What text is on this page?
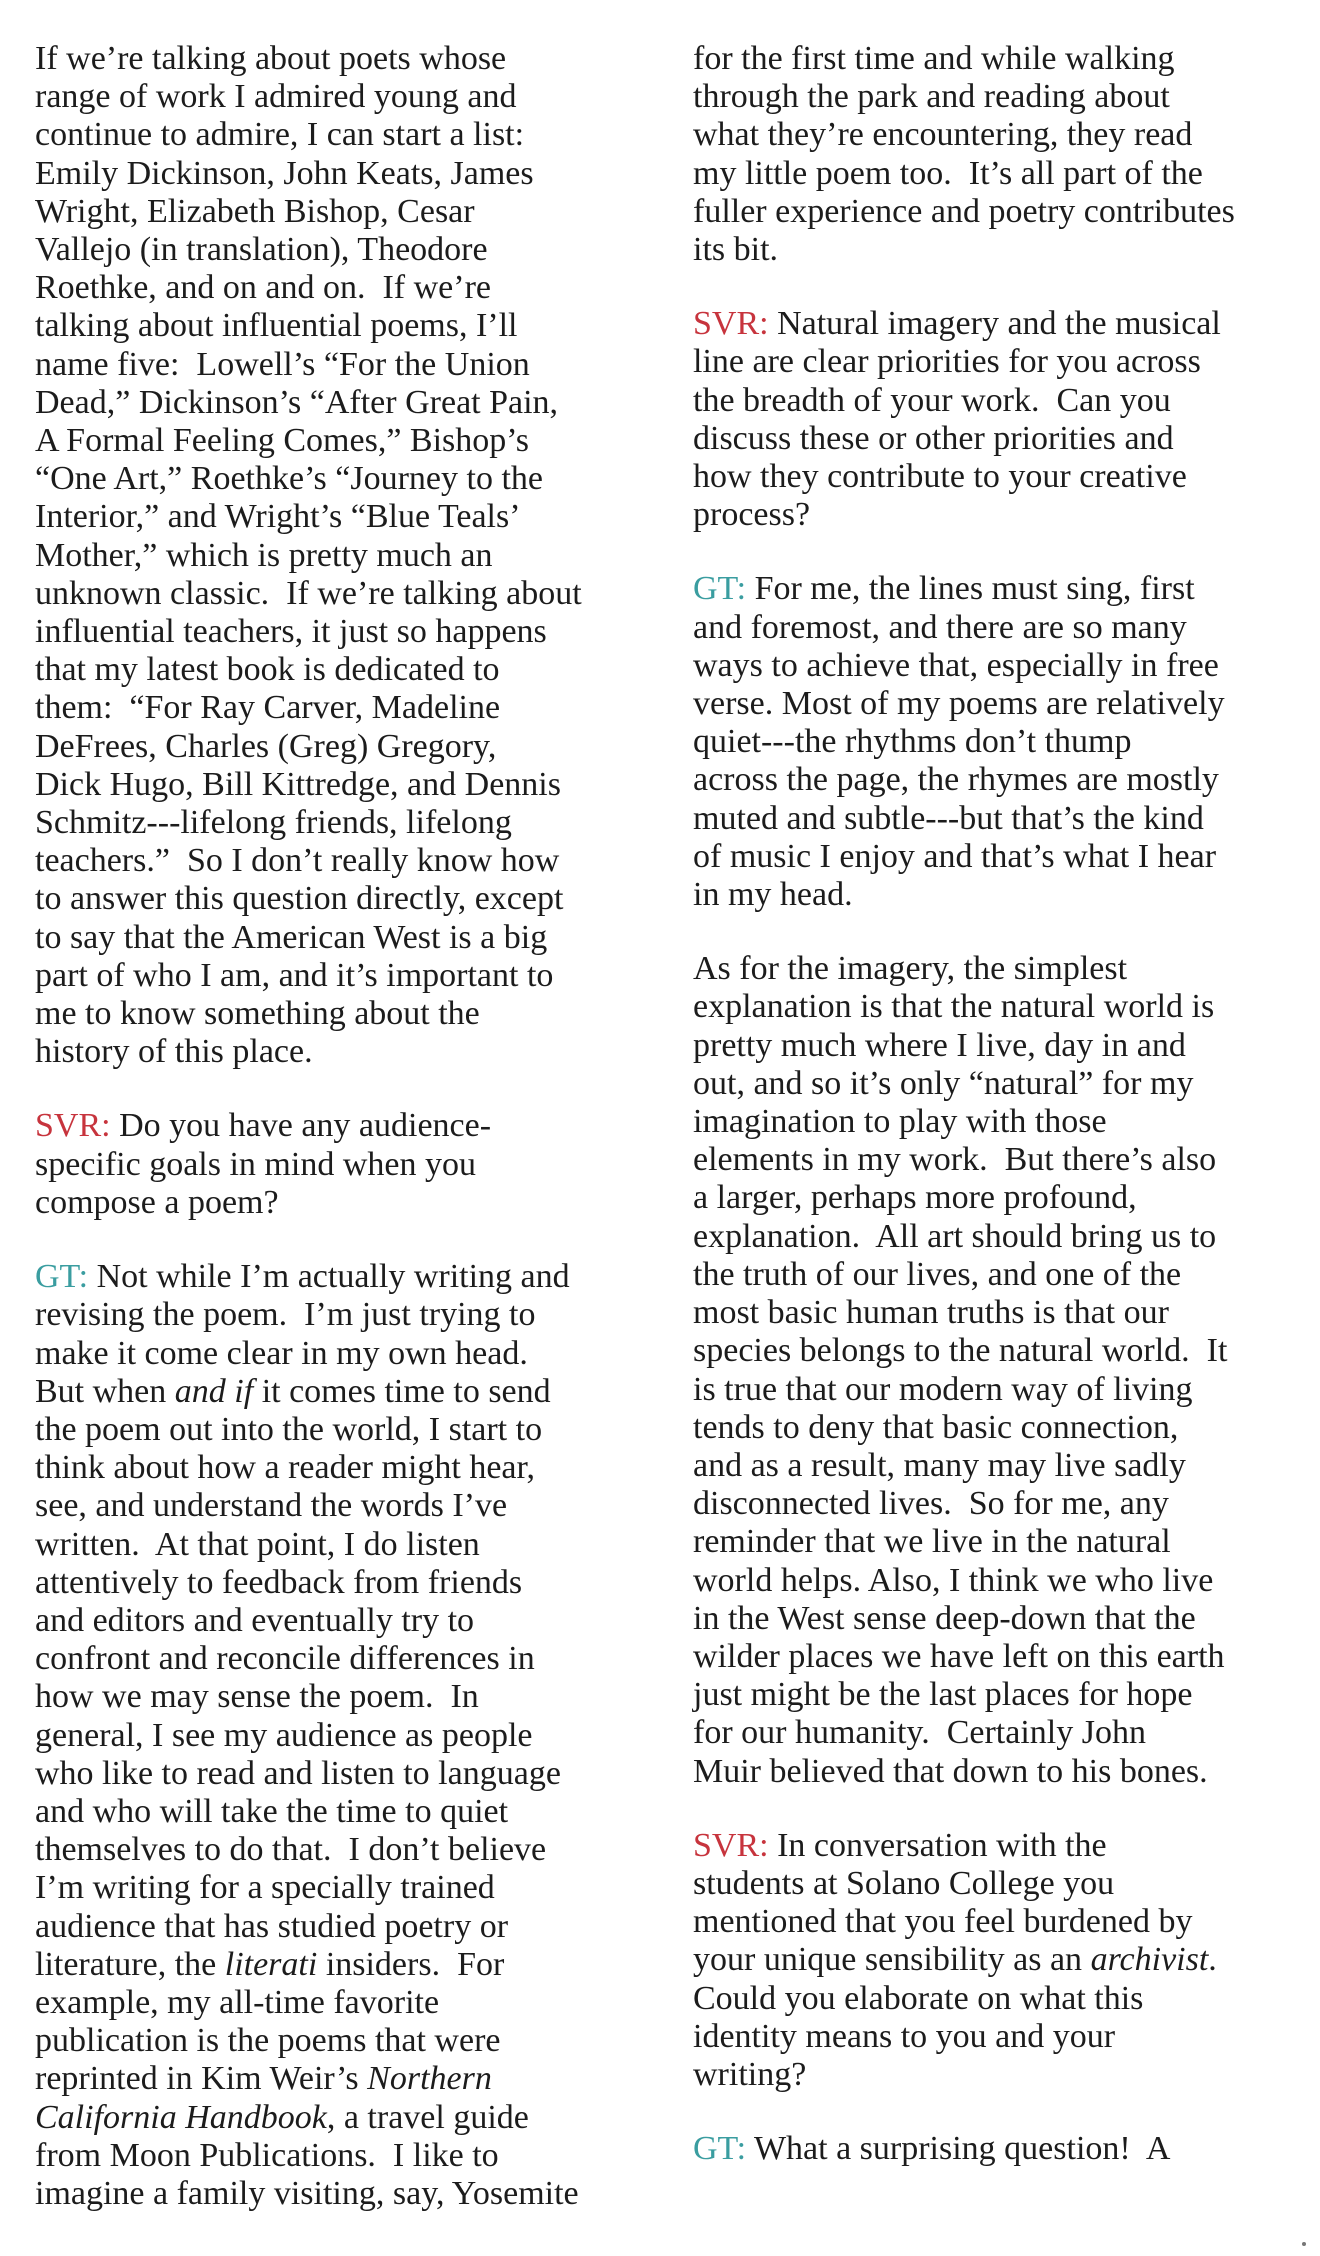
If we’re talking about poets whose
range of work I admired young and
continue to admire, I can start a list:
Emily Dickinson, John Keats, James
Wright, Elizabeth Bishop, Cesar
Vallejo (in translation), Theodore
Roethke, and on and on.  If we’re
talking about influential poems, I’ll
name five:  Lowell’s “For the Union
Dead,” Dickinson’s “After Great Pain,
A Formal Feeling Comes,” Bishop’s
“One Art,” Roethke’s “Journey to the
Interior,” and Wright’s “Blue Teals’
Mother,” which is pretty much an
unknown classic.  If we’re talking about
influential teachers, it just so happens
that my latest book is dedicated to
them:  “For Ray Carver, Madeline
DeFrees, Charles (Greg) Gregory,
Dick Hugo, Bill Kittredge, and Dennis
Schmitz---lifelong friends, lifelong
teachers.”  So I don’t really know how
to answer this question directly, except
to say that the American West is a big
part of who I am, and it’s important to
me to know something about the
history of this place.
SVR: Do you have any audience-
specific goals in mind when you
compose a poem?
GT: Not while I’m actually writing and
revising the poem.  I’m just trying to
make it come clear in my own head.
But when and if it comes time to send
the poem out into the world, I start to
think about how a reader might hear,
see, and understand the words I’ve
written.  At that point, I do listen
attentively to feedback from friends
and editors and eventually try to
confront and reconcile differences in
how we may sense the poem.  In
general, I see my audience as people
who like to read and listen to language
and who will take the time to quiet
themselves to do that.  I don’t believe
I’m writing for a specially trained
audience that has studied poetry or
literature, the literati insiders.  For
example, my all-time favorite
publication is the poems that were
reprinted in Kim Weir’s Northern
California Handbook, a travel guide
from Moon Publications.  I like to
imagine a family visiting, say, Yosemite
for the first time and while walking
through the park and reading about
what they’re encountering, they read
my little poem too.  It’s all part of the
fuller experience and poetry contributes
its bit.
SVR: Natural imagery and the musical
line are clear priorities for you across
the breadth of your work.  Can you
discuss these or other priorities and
how they contribute to your creative
process?
GT: For me, the lines must sing, first
and foremost, and there are so many
ways to achieve that, especially in free
verse. Most of my poems are relatively
quiet---the rhythms don’t thump
across the page, the rhymes are mostly
muted and subtle---but that’s the kind
of music I enjoy and that’s what I hear
in my head.
As for the imagery, the simplest
explanation is that the natural world is
pretty much where I live, day in and
out, and so it’s only “natural” for my
imagination to play with those
elements in my work.  But there’s also
a larger, perhaps more profound,
explanation.  All art should bring us to
the truth of our lives, and one of the
most basic human truths is that our
species belongs to the natural world.  It
is true that our modern way of living
tends to deny that basic connection,
and as a result, many may live sadly
disconnected lives.  So for me, any
reminder that we live in the natural
world helps. Also, I think we who live
in the West sense deep-down that the
wilder places we have left on this earth
just might be the last places for hope
for our humanity.  Certainly John
Muir believed that down to his bones.
SVR: In conversation with the
students at Solano College you
mentioned that you feel burdened by
your unique sensibility as an archivist.
Could you elaborate on what this
identity means to you and your
writing?
GT: What a surprising question!  A
